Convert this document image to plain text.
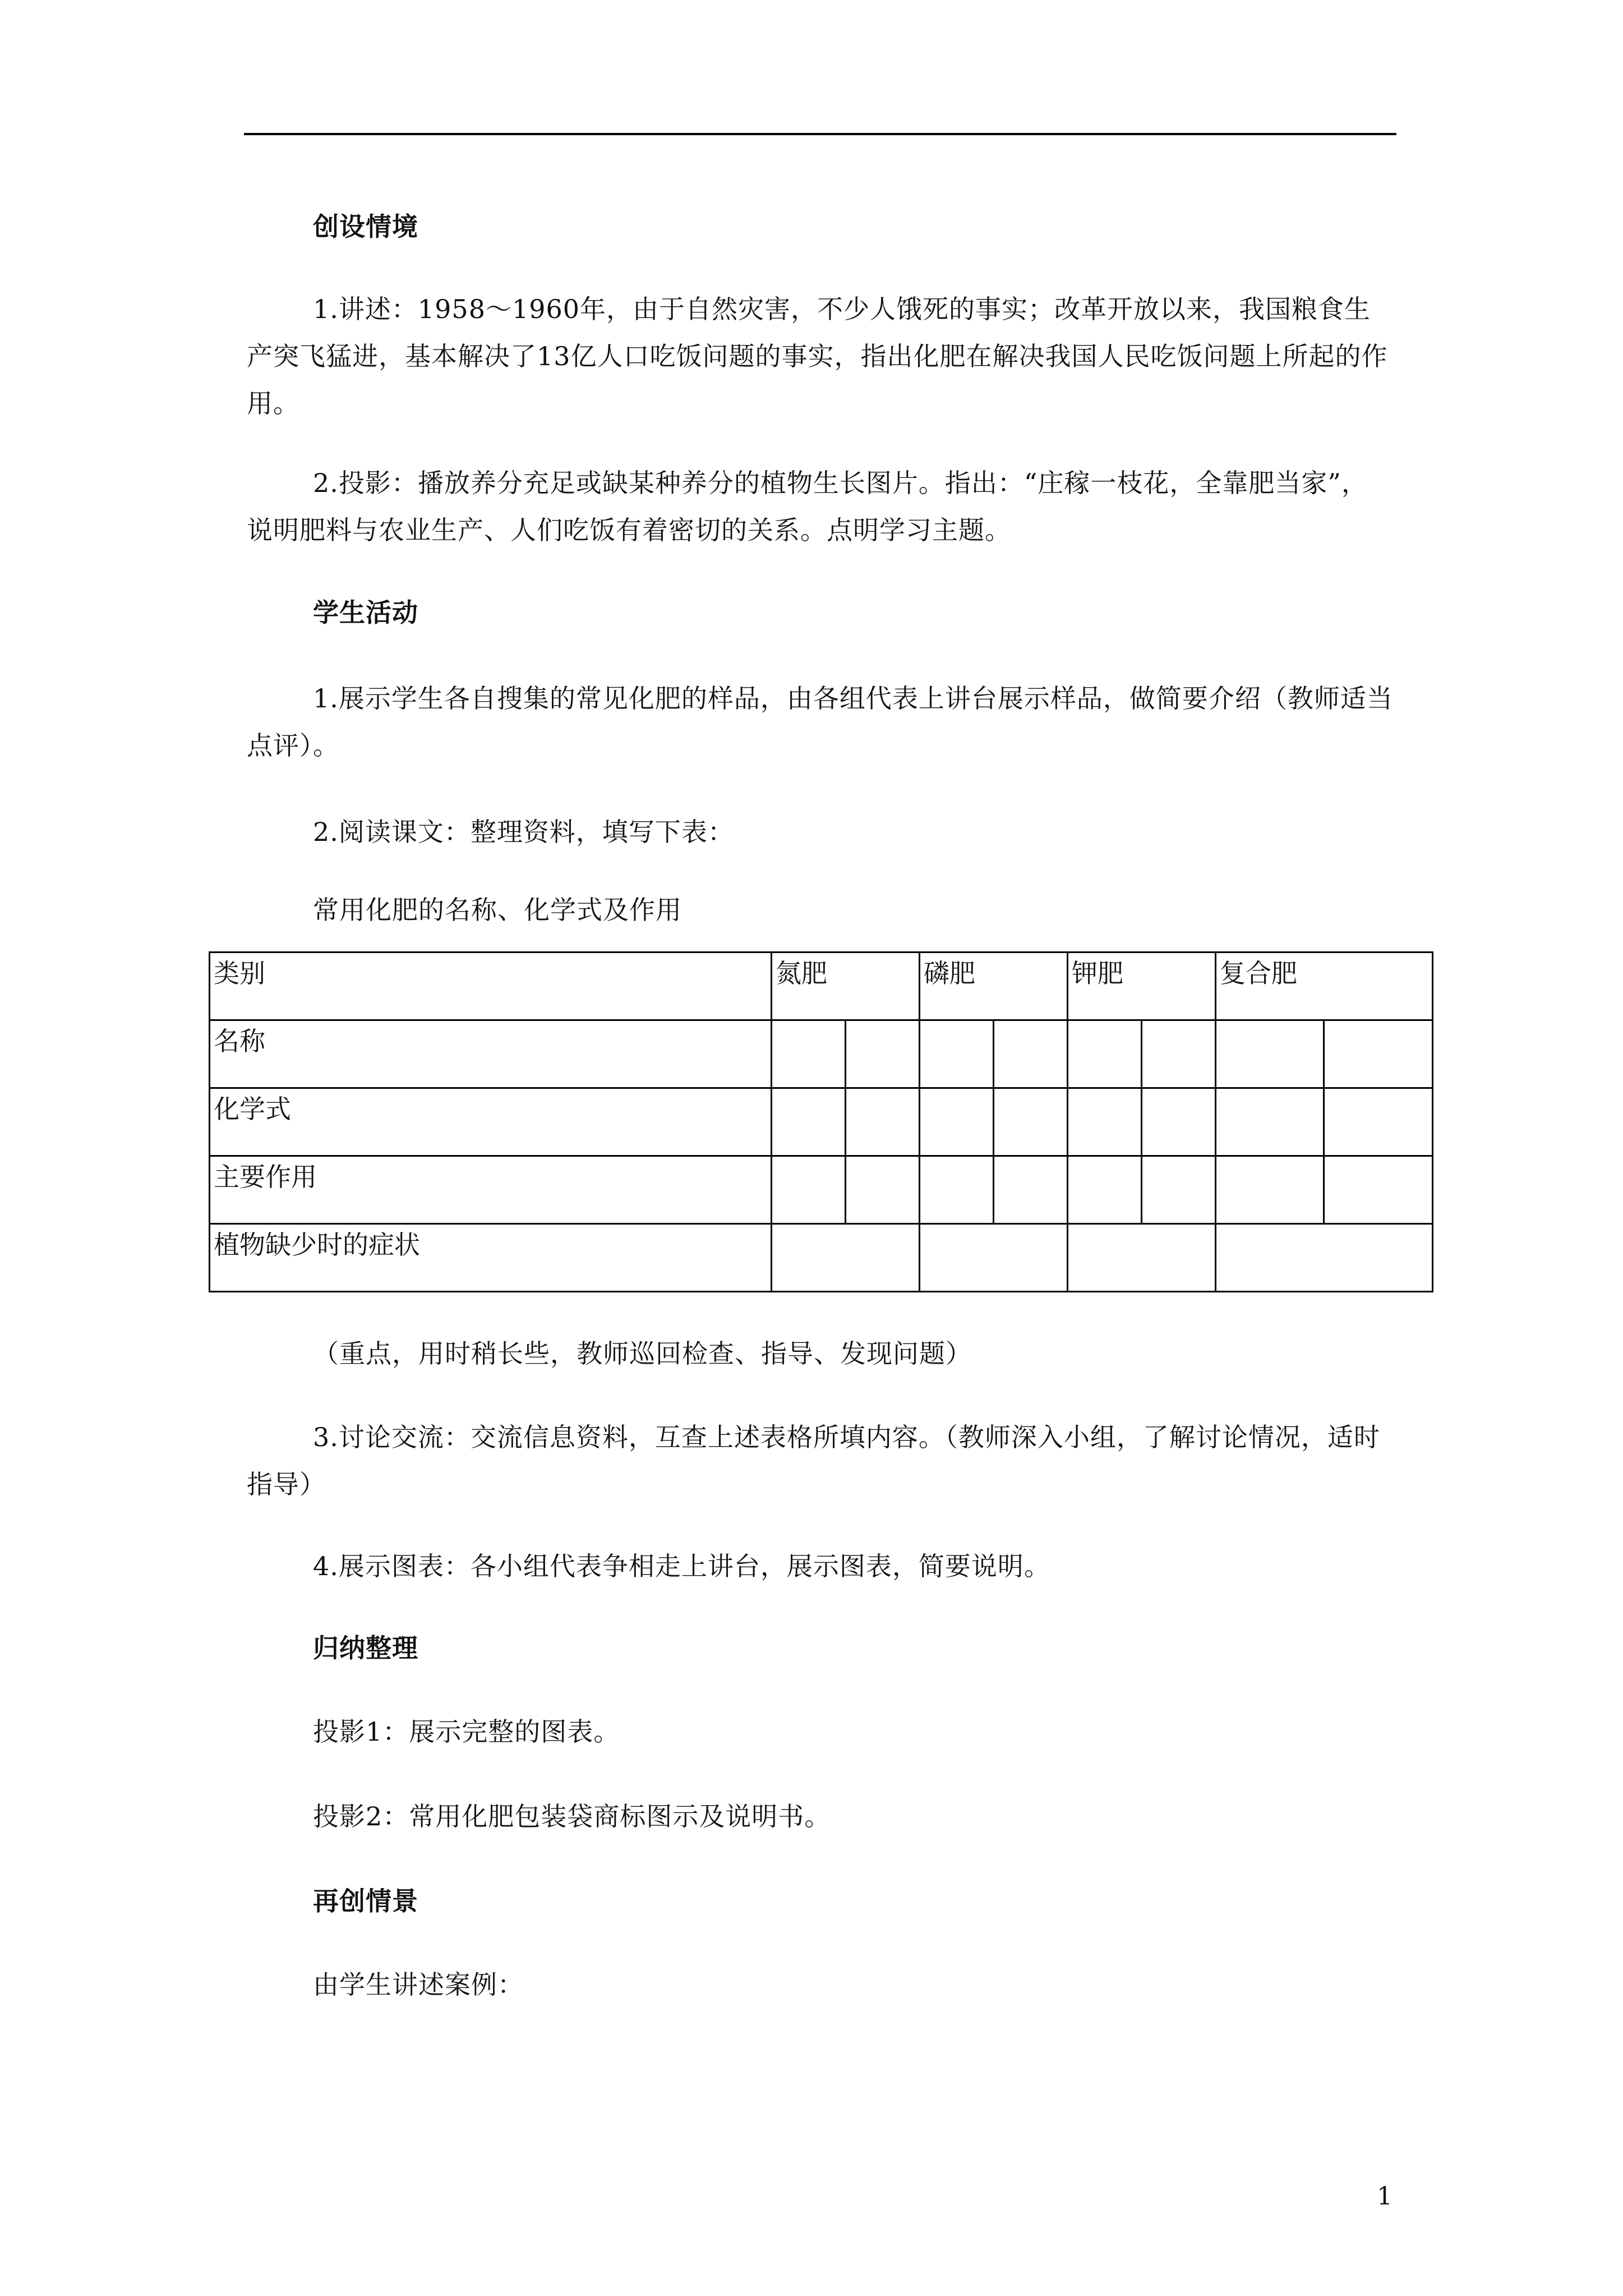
创设情境

1.讲述：1958～1960年，由于自然灾害，不少人饿死的事实；改革开放以来，我国粮食生产突飞猛进，基本解决了13亿人口吃饭问题的事实，指出化肥在解决我国人民吃饭问题上所起的作用。

2.投影：播放养分充足或缺某种养分的植物生长图片。指出：“庄稼一枝花，全靠肥当家”，说明肥料与农业生产、人们吃饭有着密切的关系。点明学习主题。

学生活动

1.展示学生各自搜集的常见化肥的样品，由各组代表上讲台展示样品，做简要介绍（教师适当点评）。

2.阅读课文：整理资料，填写下表：
常用化肥的名称、化学式及作用
类别	氮肥		磷肥		钾肥		复合肥	
名称								
化学式								
主要作用								
植物缺少时的症状								
（重点，用时稍长些，教师巡回检查、指导、发现问题）

3.讨论交流：交流信息资料，互查上述表格所填内容。（教师深入小组，了解讨论情况，适时指导）

4.展示图表：各小组代表争相走上讲台，展示图表，简要说明。
归纳整理
投影1：展示完整的图表。
投影2：常用化肥包装袋商标图示及说明书。
再创情景
由学生讲述案例：
1
